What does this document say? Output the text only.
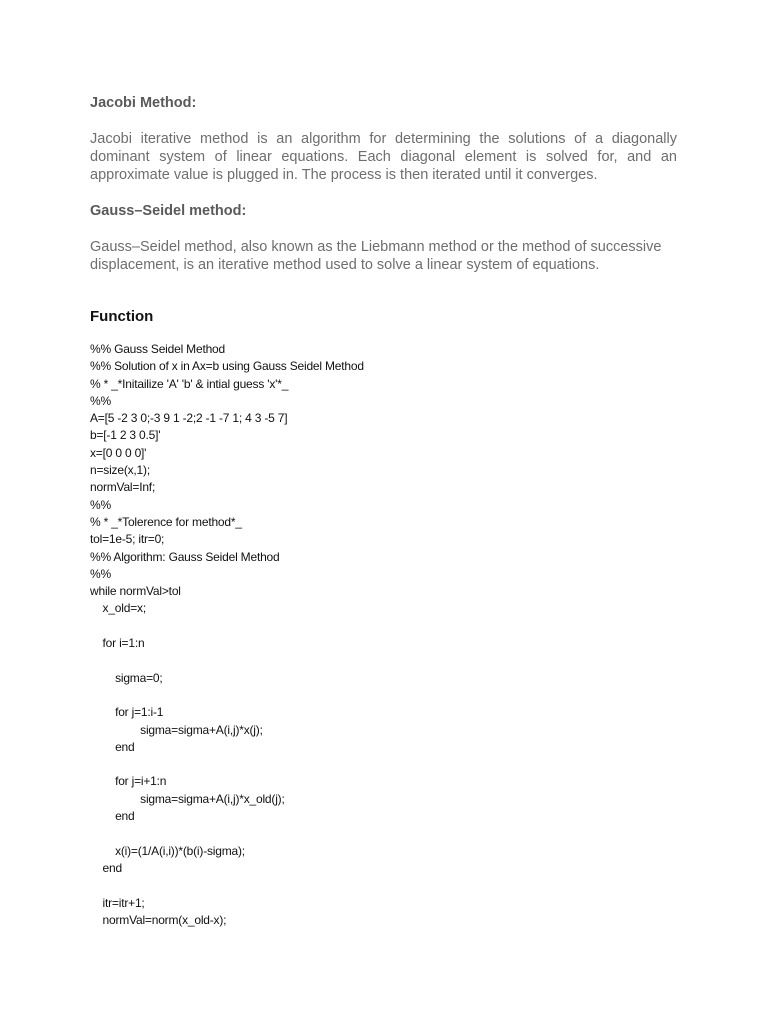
Jacobi Method:

Jacobi iterative method is an algorithm for determining the solutions of a diagonally dominant system of linear equations. Each diagonal element is solved for, and an approximate value is plugged in. The process is then iterated until it converges.

Gauss–Seidel method:

Gauss–Seidel method, also known as the Liebmann method or the method of successive displacement, is an iterative method used to solve a linear system of equations.

Function

%% Gauss Seidel Method
%% Solution of x in Ax=b using Gauss Seidel Method
% * _*Initailize 'A' 'b' & intial guess 'x'*_
%%
A=[5 -2 3 0;-3 9 1 -2;2 -1 -7 1; 4 3 -5 7]
b=[-1 2 3 0.5]'
x=[0 0 0 0]'
n=size(x,1);
normVal=Inf;
%%
% * _*Tolerence for method*_
tol=1e-5; itr=0;
%% Algorithm: Gauss Seidel Method
%%
while normVal>tol
x_old=x;
for i=1:n
sigma=0;
for j=1:i-1
sigma=sigma+A(i,j)*x(j);
end
for j=i+1:n
sigma=sigma+A(i,j)*x_old(j);
end
x(i)=(1/A(i,i))*(b(i)-sigma);
end
itr=itr+1;
normVal=norm(x_old-x);
